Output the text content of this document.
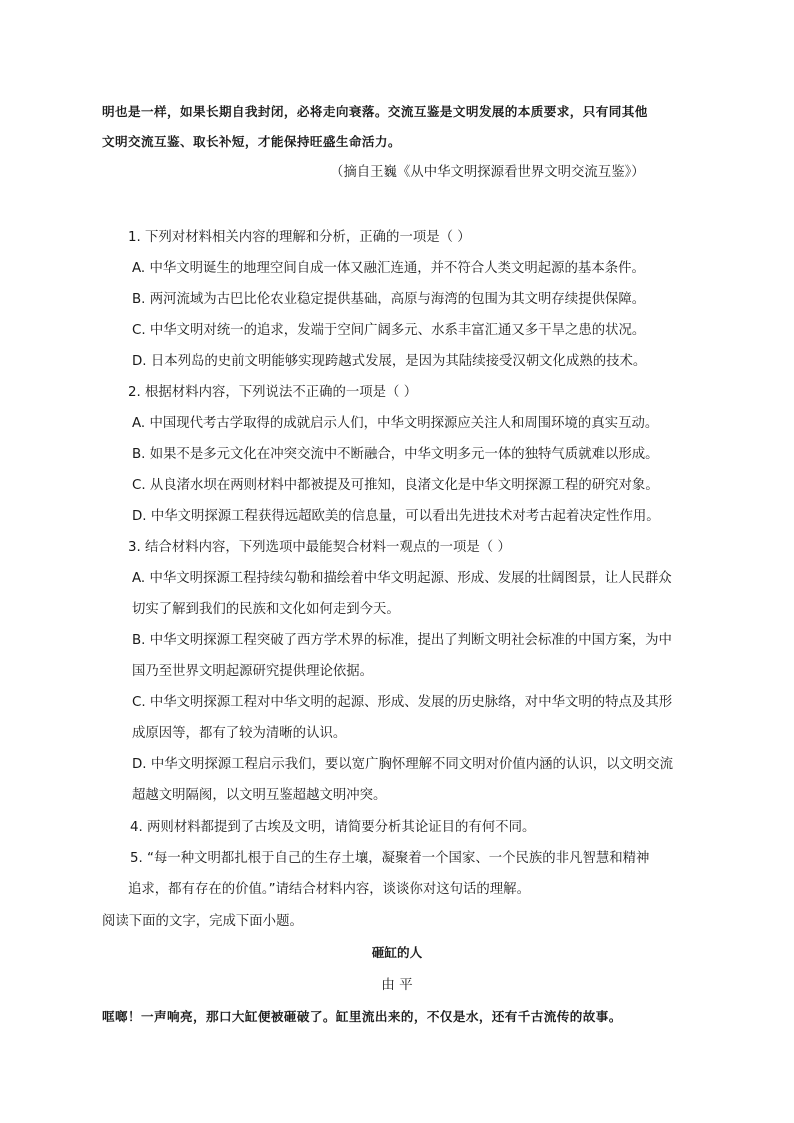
明也是一样，如果长期自我封闭，必将走向衰落。交流互鉴是文明发展的本质要求，只有同其他
文明交流互鉴、取长补短，才能保持旺盛生命活力。
（摘自王巍《从中华文明探源看世界文明交流互鉴》）
1. 下列对材料相关内容的理解和分析，正确的一项是（ ）
A. 中华文明诞生的地理空间自成一体又融汇连通，并不符合人类文明起源的基本条件。
B. 两河流域为古巴比伦农业稳定提供基础，高原与海湾的包围为其文明存续提供保障。
C. 中华文明对统一的追求，发端于空间广阔多元、水系丰富汇通又多干旱之患的状况。
D. 日本列岛的史前文明能够实现跨越式发展，是因为其陆续接受汉朝文化成熟的技术。
2. 根据材料内容，下列说法不正确的一项是（ ）
A. 中国现代考古学取得的成就启示人们，中华文明探源应关注人和周围环境的真实互动。
B. 如果不是多元文化在冲突交流中不断融合，中华文明多元一体的独特气质就难以形成。
C. 从良渚水坝在两则材料中都被提及可推知，良渚文化是中华文明探源工程的研究对象。
D. 中华文明探源工程获得远超欧美的信息量，可以看出先进技术对考古起着决定性作用。
3. 结合材料内容，下列选项中最能契合材料一观点的一项是（ ）
A. 中华文明探源工程持续勾勒和描绘着中华文明起源、形成、发展的壮阔图景，让人民群众
切实了解到我们的民族和文化如何走到今天。
B. 中华文明探源工程突破了西方学术界的标准，提出了判断文明社会标准的中国方案，为中
国乃至世界文明起源研究提供理论依据。
C. 中华文明探源工程对中华文明的起源、形成、发展的历史脉络，对中华文明的特点及其形
成原因等，都有了较为清晰的认识。
D. 中华文明探源工程启示我们，要以宽广胸怀理解不同文明对价值内涵的认识，以文明交流
超越文明隔阂，以文明互鉴超越文明冲突。
4. 两则材料都提到了古埃及文明，请简要分析其论证目的有何不同。
5. “每一种文明都扎根于自己的生存土壤，凝聚着一个国家、一个民族的非凡智慧和精神
追求，都有存在的价值。”请结合材料内容，谈谈你对这句话的理解。
阅读下面的文字，完成下面小题。
砸缸的人
由 平
哐啷！一声响亮，那口大缸便被砸破了。缸里流出来的，不仅是水，还有千古流传的故事。
